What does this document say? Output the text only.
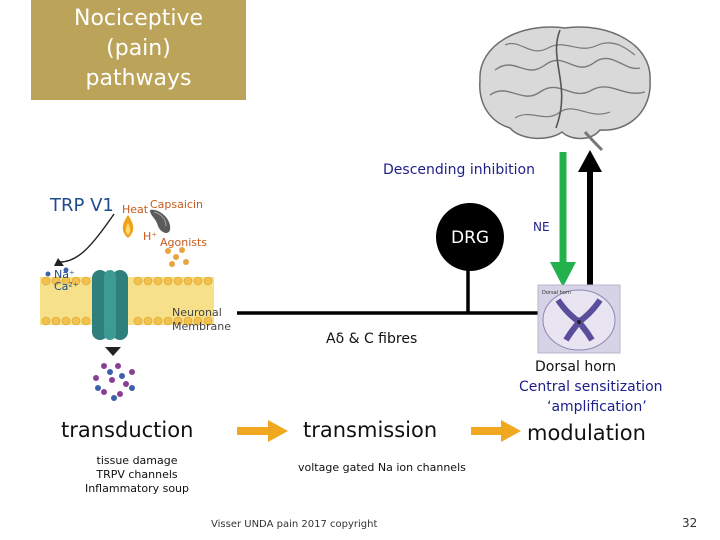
Nociceptive
(pain)
pathways
Dorsal horn
TRP V1 Heat Capsaicin
H⁺ Agonists
Na⁺
Ca²⁺
Neuronal
Membrane
Descending inhibition
DRG
NE
Aδ & C fibres
Dorsal horn
Central sensitization
‘amplification’
transduction	transmission	modulation
tissue damage
TRPV channels
Inflammatory soup
voltage gated Na ion channels
Visser UNDA pain 2017 copyright	32
